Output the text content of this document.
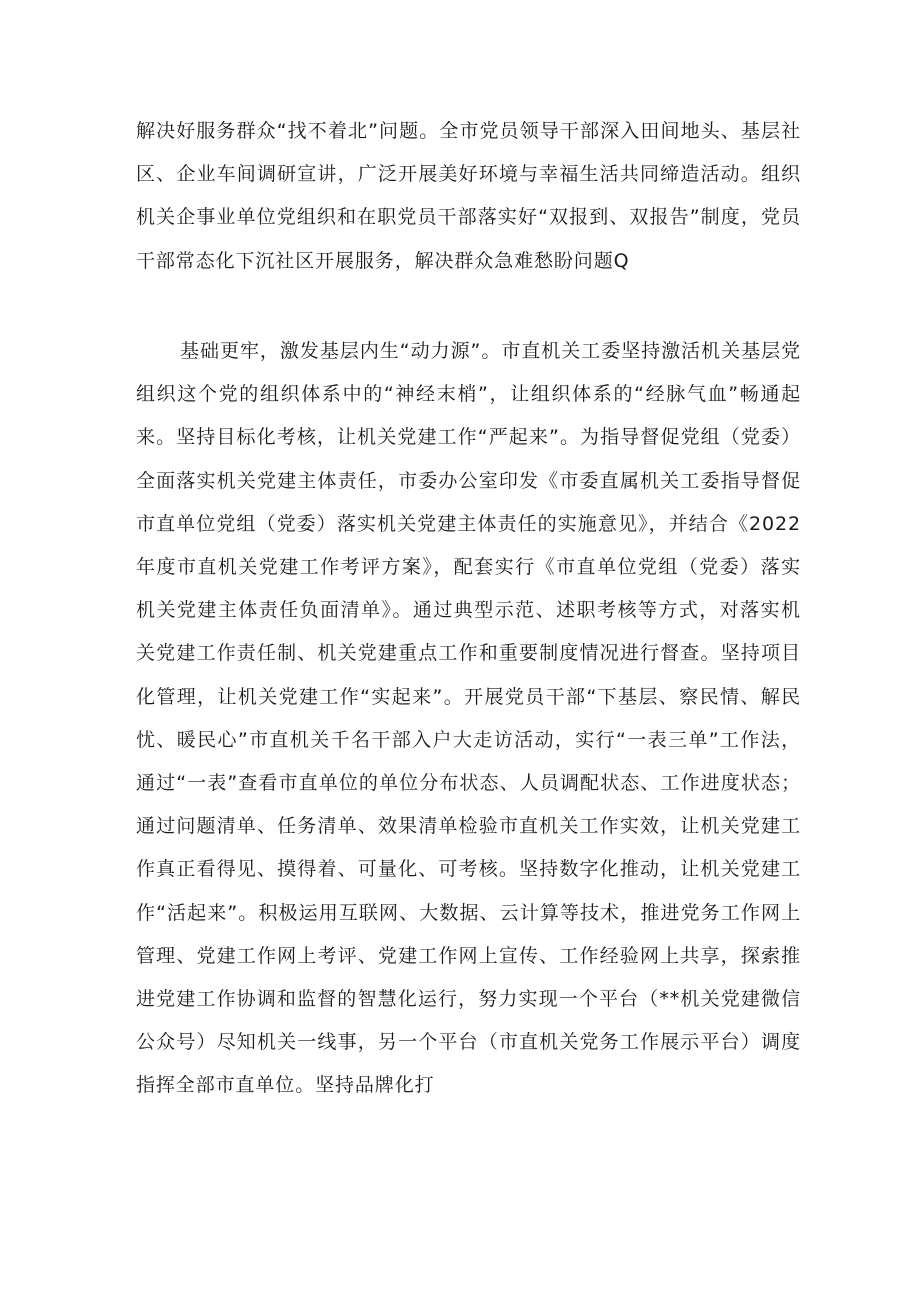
解决好服务群众“找不着北”问题。全市党员领导干部深入田间地头、基层社区、企业车间调研宣讲，广泛开展美好环境与幸福生活共同缔造活动。组织机关企事业单位党组织和在职党员干部落实好“双报到、双报告”制度，党员干部常态化下沉社区开展服务，解决群众急难愁盼问题Q

基础更牢，激发基层内生“动力源”。市直机关工委坚持激活机关基层党组织这个党的组织体系中的“神经末梢”，让组织体系的“经脉气血”畅通起来。坚持目标化考核，让机关党建工作“严起来”。为指导督促党组（党委）全面落实机关党建主体责任，市委办公室印发《市委直属机关工委指导督促市直单位党组（党委）落实机关党建主体责任的实施意见》，并结合《2022年度市直机关党建工作考评方案》，配套实行《市直单位党组（党委）落实机关党建主体责任负面清单》。通过典型示范、述职考核等方式，对落实机关党建工作责任制、机关党建重点工作和重要制度情况进行督查。坚持项目化管理，让机关党建工作“实起来”。开展党员干部“下基层、察民情、解民忧、暖民心”市直机关千名干部入户大走访活动，实行“一表三单”工作法，通过“一表”查看市直单位的单位分布状态、人员调配状态、工作进度状态；通过问题清单、任务清单、效果清单检验市直机关工作实效，让机关党建工作真正看得见、摸得着、可量化、可考核。坚持数字化推动，让机关党建工作“活起来”。积极运用互联网、大数据、云计算等技术，推进党务工作网上管理、党建工作网上考评、党建工作网上宣传、工作经验网上共享，探索推进党建工作协调和监督的智慧化运行，努力实现一个平台（**机关党建微信公众号）尽知机关一线事，另一个平台（市直机关党务工作展示平台）调度指挥全部市直单位。坚持品牌化打
